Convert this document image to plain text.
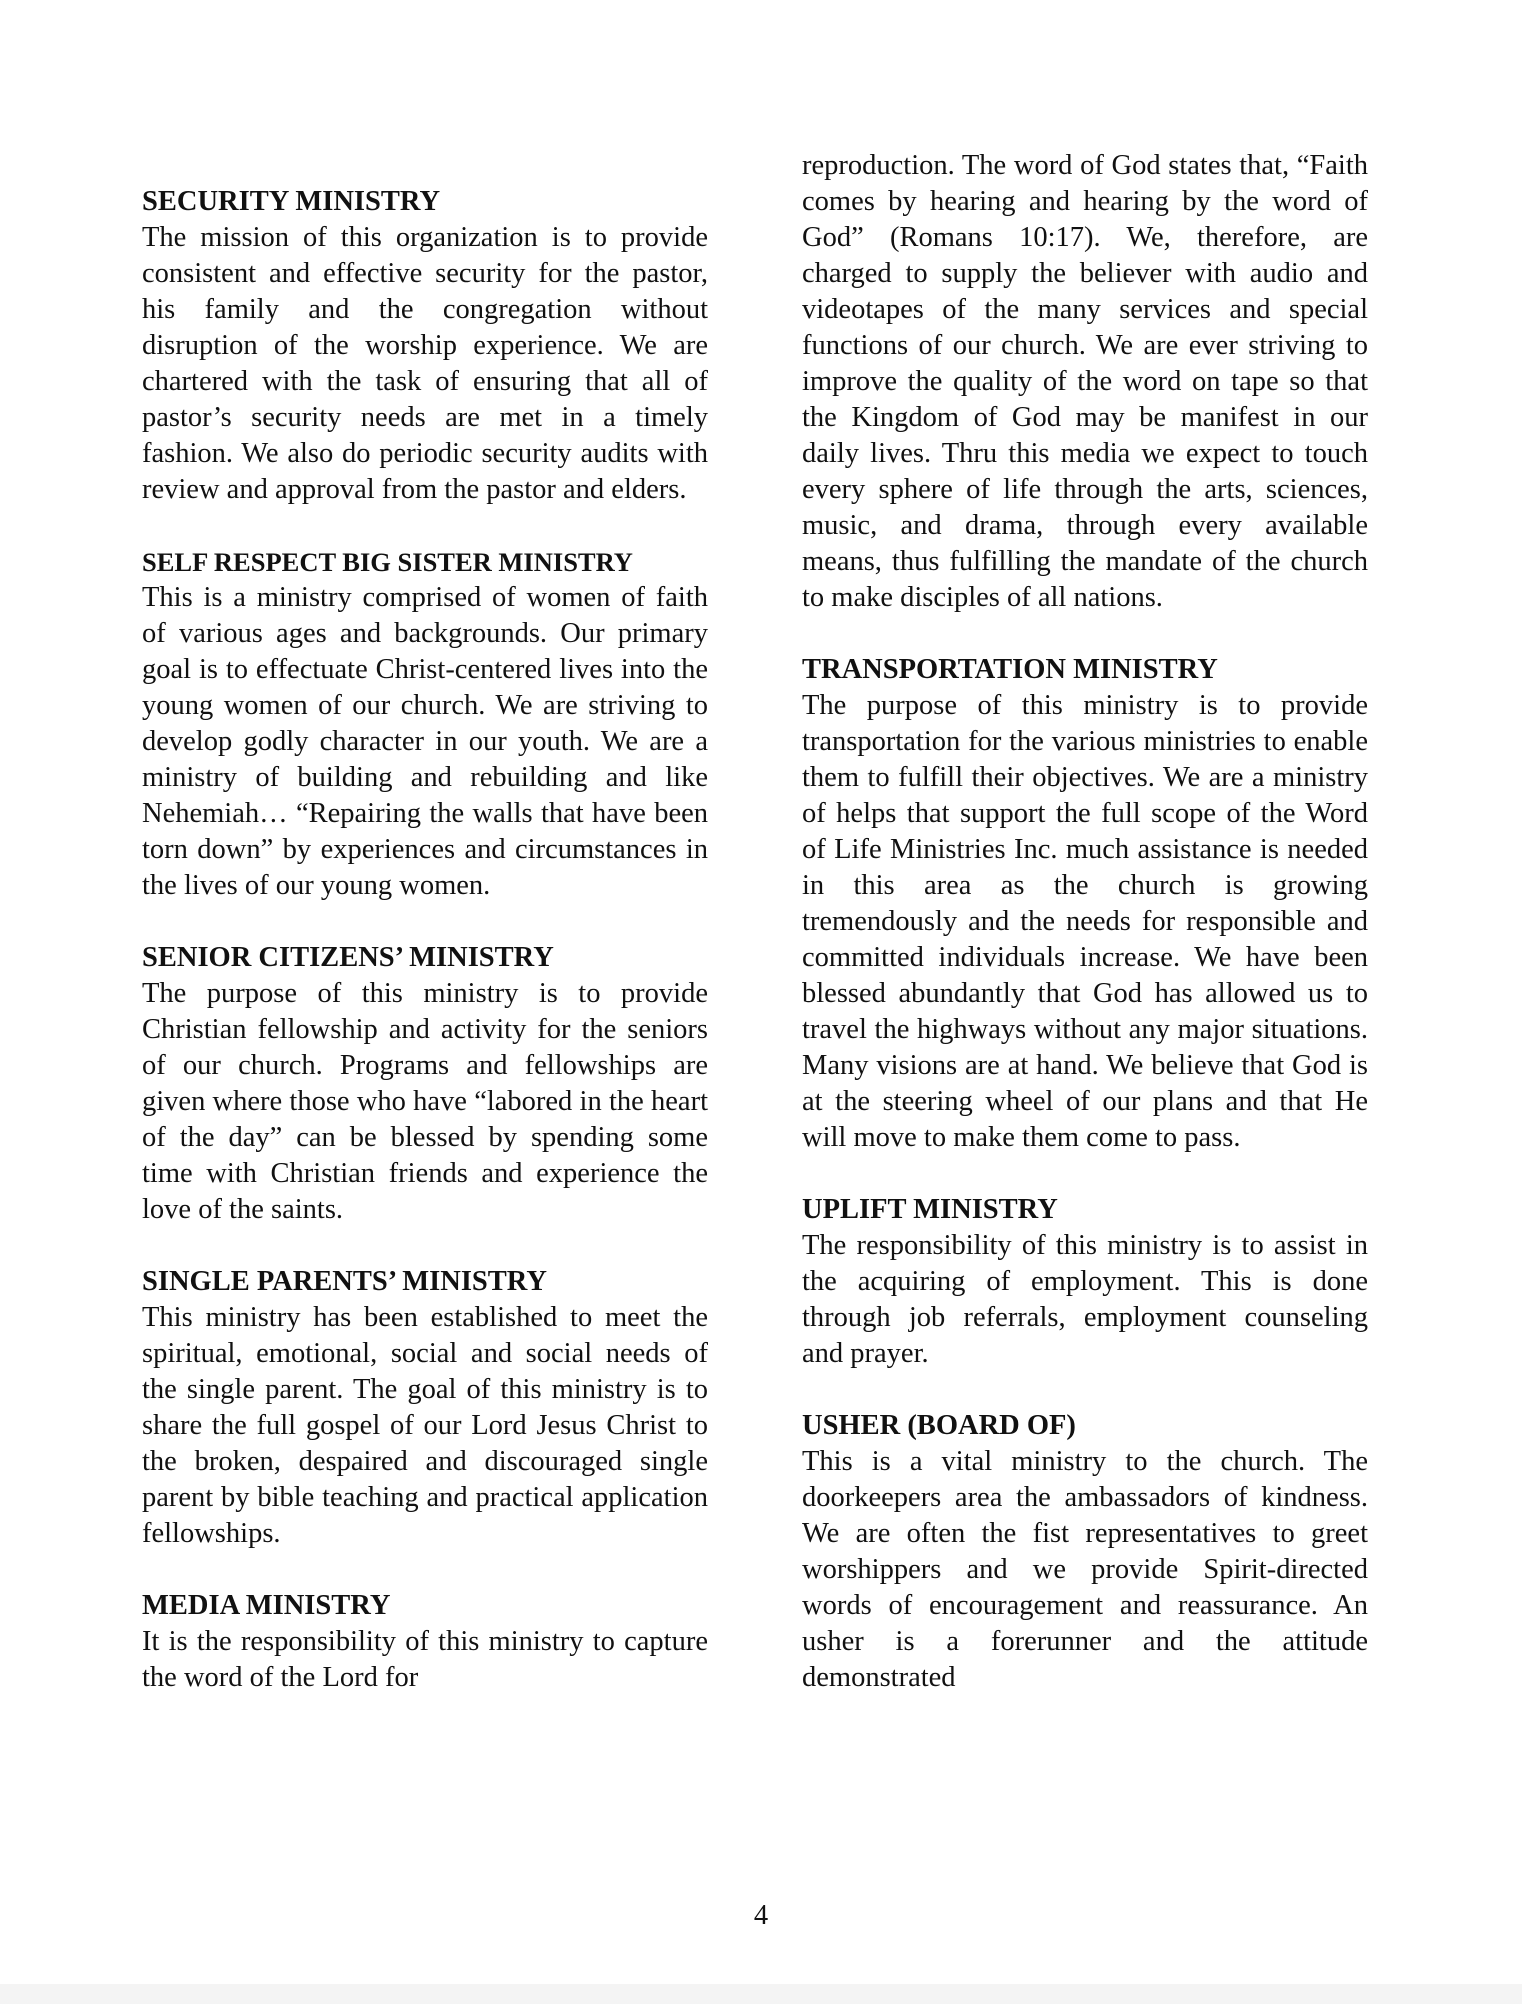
SECURITY MINISTRY

The mission of this organization is to provide consistent and effective security for the pastor, his family and the congregation without disruption of the worship experience. We are chartered with the task of ensuring that all of pastor’s security needs are met in a timely fashion. We also do periodic security audits with review and approval from the pastor and elders.

SELF RESPECT BIG SISTER MINISTRY

This is a ministry comprised of women of faith of various ages and backgrounds. Our primary goal is to effectuate Christ-centered lives into the young women of our church. We are striving to develop godly character in our youth. We are a ministry of building and rebuilding and like Nehemiah… “Repairing the walls that have been torn down” by experiences and circumstances in the lives of our young women.

SENIOR CITIZENS’ MINISTRY

The purpose of this ministry is to provide Christian fellowship and activity for the seniors of our church. Programs and fellowships are given where those who have “labored in the heart of the day” can be blessed by spending some time with Christian friends and experience the love of the saints.

SINGLE PARENTS’ MINISTRY

This ministry has been established to meet the spiritual, emotional, social and social needs of the single parent. The goal of this ministry is to share the full gospel of our Lord Jesus Christ to the broken, despaired and discouraged single parent by bible teaching and practical application fellowships.

MEDIA MINISTRY

It is the responsibility of this ministry to capture the word of the Lord for

reproduction. The word of God states that, “Faith comes by hearing and hearing by the word of God” (Romans 10:17). We, therefore, are charged to supply the believer with audio and videotapes of the many services and special functions of our church. We are ever striving to improve the quality of the word on tape so that the Kingdom of God may be manifest in our daily lives. Thru this media we expect to touch every sphere of life through the arts, sciences, music, and drama, through every available means, thus fulfilling the mandate of the church to make disciples of all nations.

TRANSPORTATION MINISTRY

The purpose of this ministry is to provide transportation for the various ministries to enable them to fulfill their objectives. We are a ministry of helps that support the full scope of the Word of Life Ministries Inc. much assistance is needed in this area as the church is growing tremendously and the needs for responsible and committed individuals increase. We have been blessed abundantly that God has allowed us to travel the highways without any major situations. Many visions are at hand. We believe that God is at the steering wheel of our plans and that He will move to make them come to pass.

UPLIFT MINISTRY

The responsibility of this ministry is to assist in the acquiring of employment. This is done through job referrals, employment counseling and prayer.

USHER (BOARD OF)

This is a vital ministry to the church. The doorkeepers area the ambassadors of kindness. We are often the fist representatives to greet worshippers and we provide Spirit-directed words of encouragement and reassurance. An usher is a forerunner and the attitude demonstrated

4
